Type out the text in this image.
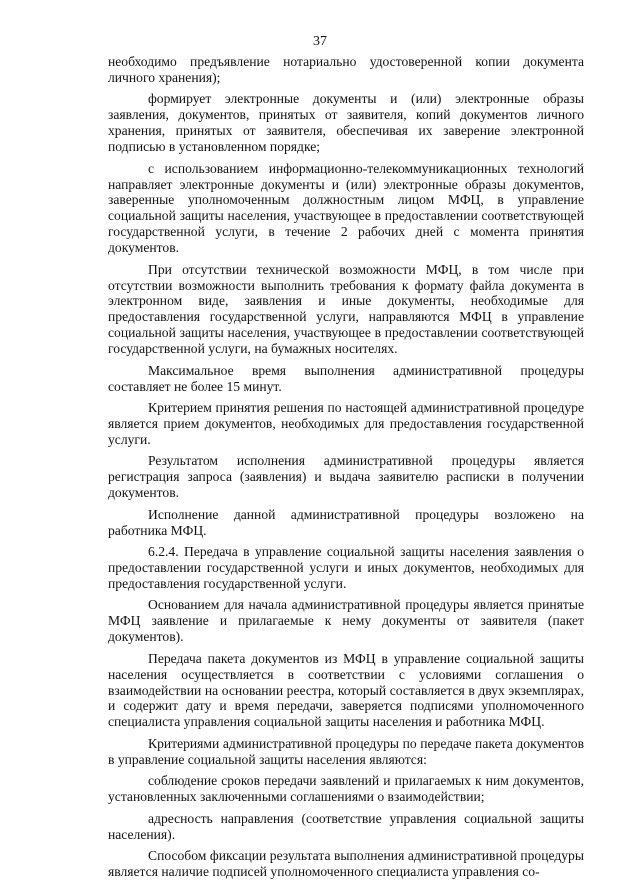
37

необходимо предъявление нотариально удостоверенной копии документа личного хранения);

формирует электронные документы и (или) электронные образы заявления, документов, принятых от заявителя, копий документов личного хранения, принятых от заявителя, обеспечивая их заверение электронной подписью в установленном порядке;

с использованием информационно-телекоммуникационных технологий направляет электронные документы и (или) электронные образы документов, заверенные уполномоченным должностным лицом МФЦ, в управление социальной защиты населения, участвующее в предоставлении соответствующей государственной услуги, в течение 2 рабочих дней с момента принятия документов.

При отсутствии технической возможности МФЦ, в том числе при отсутствии возможности выполнить требования к формату файла документа в электронном виде, заявления и иные документы, необходимые для предоставления государственной услуги, направляются МФЦ в управление социальной защиты населения, участвующее в предоставлении соответствующей государственной услуги, на бумажных носителях.

Максимальное время выполнения административной процедуры составляет не более 15 минут.

Критерием принятия решения по настоящей административной процедуре является прием документов, необходимых для предоставления государственной услуги.

Результатом исполнения административной процедуры является регистрация запроса (заявления) и выдача заявителю расписки в получении документов.

Исполнение данной административной процедуры возложено на работника МФЦ.

6.2.4. Передача в управление социальной защиты населения заявления о предоставлении государственной услуги и иных документов, необходимых для предоставления государственной услуги.

Основанием для начала административной процедуры является принятые МФЦ заявление и прилагаемые к нему документы от заявителя (пакет документов).

Передача пакета документов из МФЦ в управление социальной защиты населения осуществляется в соответствии с условиями соглашения о взаимодействии на основании реестра, который составляется в двух экземплярах, и содержит дату и время передачи, заверяется подписями уполномоченного специалиста управления социальной защиты населения и работника МФЦ.

Критериями административной процедуры по передаче пакета документов в управление социальной защиты населения являются:

соблюдение сроков передачи заявлений и прилагаемых к ним документов, установленных заключенными соглашениями о взаимодействии;

адресность направления (соответствие управления социальной защиты населения).

Способом фиксации результата выполнения административной процедуры является наличие подписей уполномоченного специалиста управления со-
